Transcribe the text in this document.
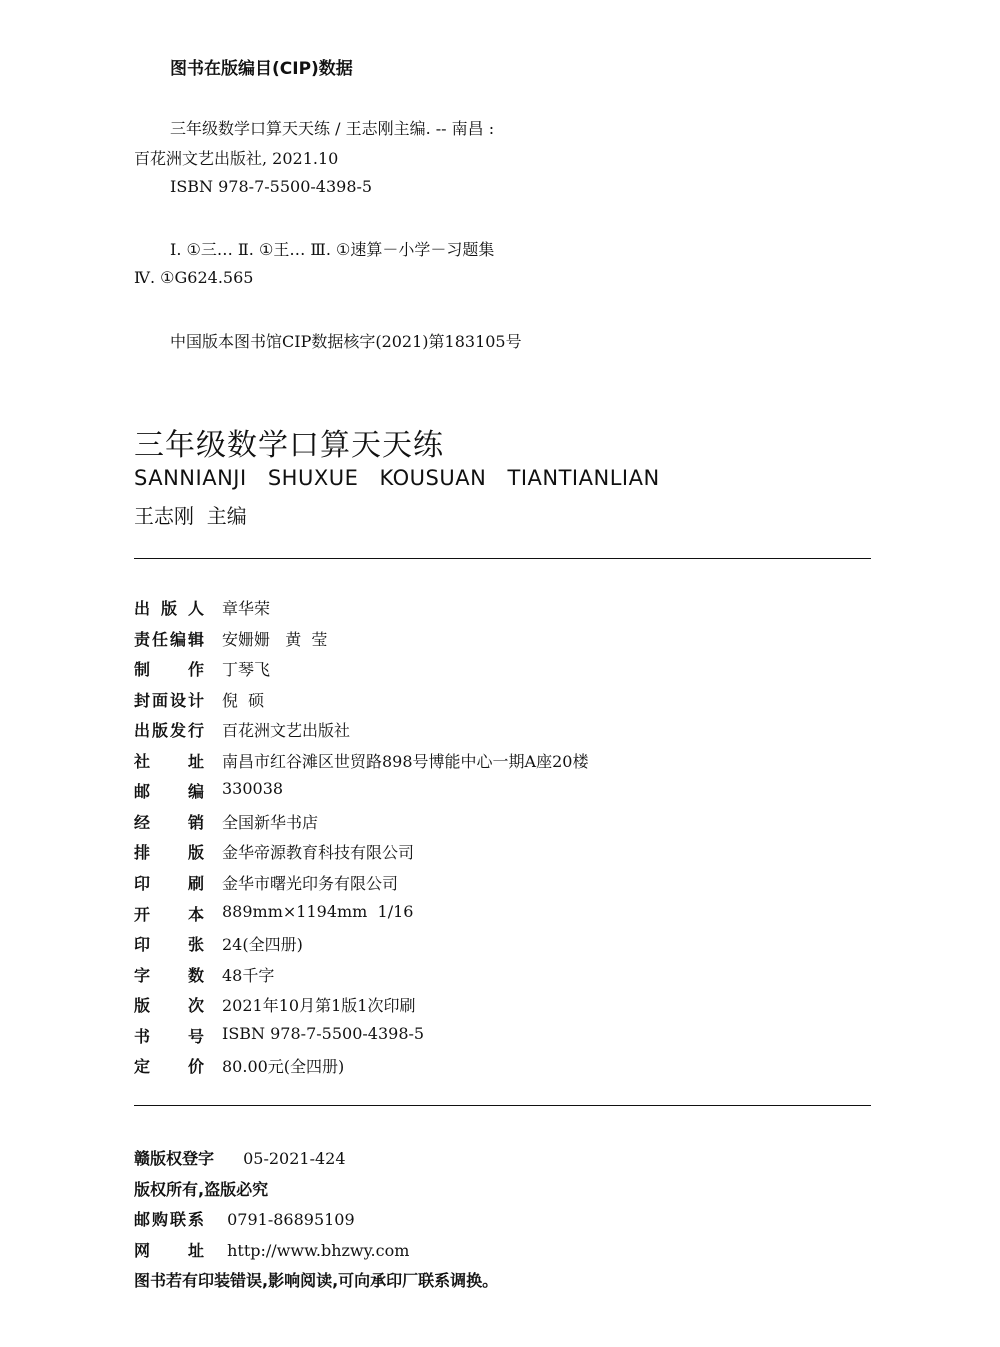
图书在版编目(CIP)数据
三年级数学口算天天练 / 王志刚主编. -- 南昌 :
百花洲文艺出版社, 2021.10
ISBN 978-7-5500-4398-5
Ⅰ. ①三… Ⅱ. ①王… Ⅲ. ①速算－小学－习题集
Ⅳ. ①G624.565
中国版本图书馆CIP数据核字(2021)第183105号
三年级数学口算天天练
SANNIANJI SHUXUE KOUSUAN TIANTIANLIAN
王志刚  主编
出版人 章华荣
责任编辑 安姗姗   黄  莹
制作 丁琴飞
封面设计 倪  硕
出版发行 百花洲文艺出版社
社址 南昌市红谷滩区世贸路898号博能中心一期A座20楼
邮编 330038
经销 全国新华书店
排版 金华帝源教育科技有限公司
印刷 金华市曙光印务有限公司
开本 889mm×1194mm  1/16
印张 24(全四册)
字数 48千字
版次 2021年10月第1版1次印刷
书号 ISBN 978-7-5500-4398-5
定价 80.00元(全四册)
赣版权登字 05-2021-424
版权所有,盗版必究
邮购联系 0791-86895109
网址 http://www.bhzwy.com
图书若有印装错误,影响阅读,可向承印厂联系调换。
